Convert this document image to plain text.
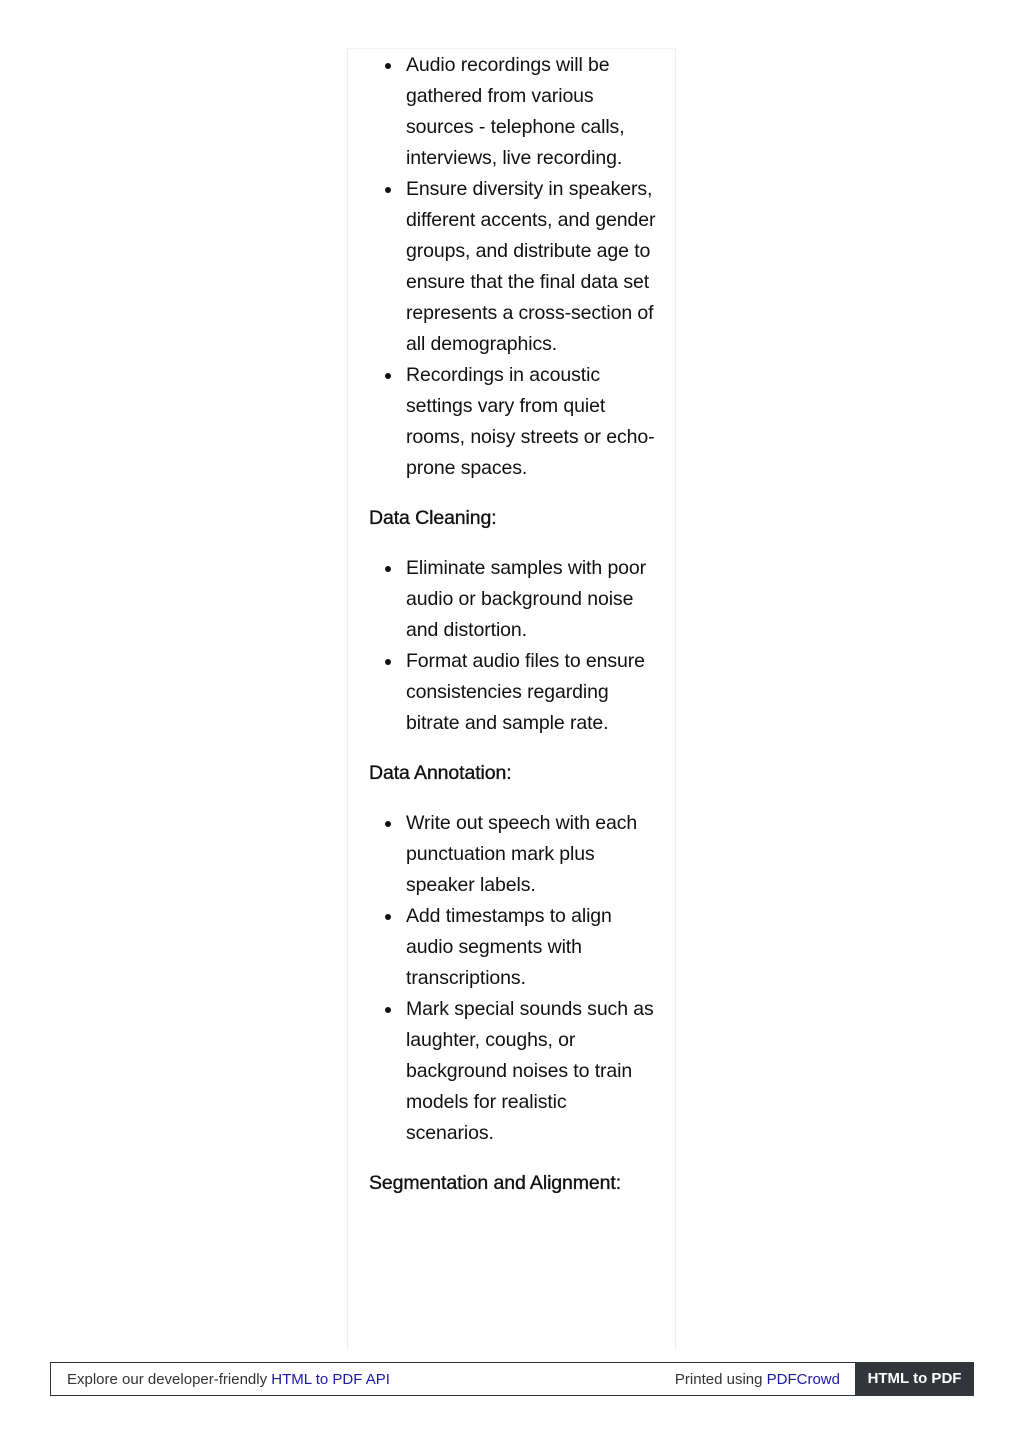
Audio recordings will be gathered from various sources - telephone calls, interviews, live recording.
Ensure diversity in speakers, different accents, and gender groups, and distribute age to ensure that the final data set represents a cross-section of all demographics.
Recordings in acoustic settings vary from quiet rooms, noisy streets or echo-prone spaces.
Data Cleaning:
Eliminate samples with poor audio or background noise and distortion.
Format audio files to ensure consistencies regarding bitrate and sample rate.
Data Annotation:
Write out speech with each punctuation mark plus speaker labels.
Add timestamps to align audio segments with transcriptions.
Mark special sounds such as laughter, coughs, or background noises to train models for realistic scenarios.
Segmentation and Alignment:
Explore our developer-friendly HTML to PDF API	Printed using PDFCrowd	HTML to PDF
